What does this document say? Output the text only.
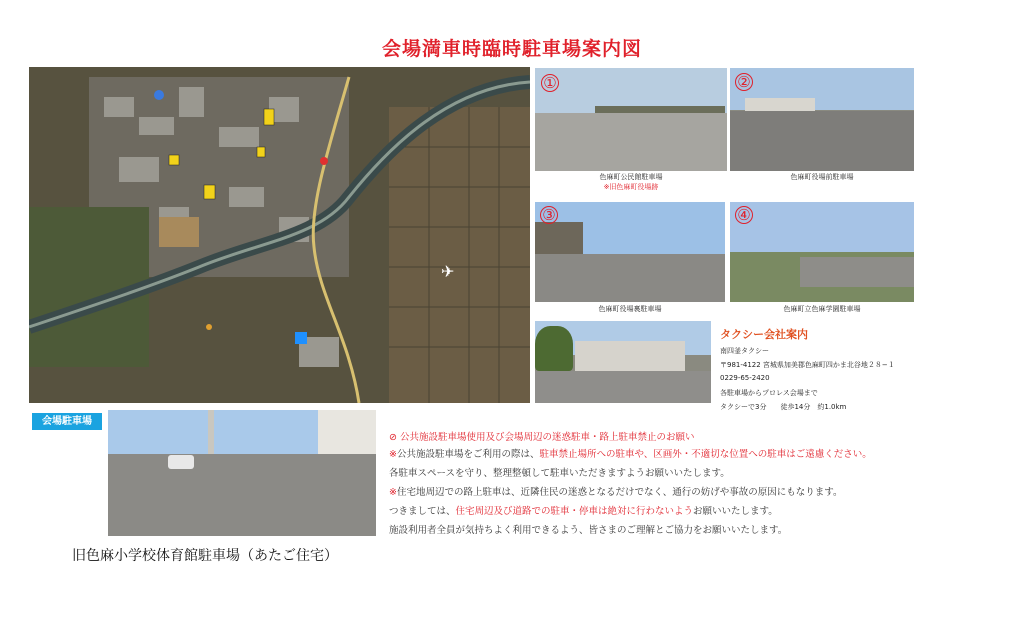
会場満車時臨時駐車場案内図
✈
①
色麻町公民館駐車場
※旧色麻町役場跡
②
色麻町役場前駐車場
③
色麻町役場裏駐車場
④
色麻町立色麻学園駐車場
タクシー会社案内
南四釜タクシー
〒981-4122 宮城県加美郡色麻町四かま北谷地２８−１
0229-65-2420
各駐車場からプロレス会場まで
タクシーで3分　　徒歩14分　約1.0km
会場駐車場
⊘ 公共施設駐車場使用及び会場周辺の迷惑駐車・路上駐車禁止のお願い
※公共施設駐車場をご利用の際は、駐車禁止場所への駐車や、区画外・不適切な位置への駐車はご遠慮ください。
各駐車スペースを守り、整理整頓して駐車いただきますようお願いいたします。
※住宅地周辺での路上駐車は、近隣住民の迷惑となるだけでなく、通行の妨げや事故の原因にもなります。
つきましては、住宅周辺及び道路での駐車・停車は絶対に行わないようお願いいたします。
施設利用者全員が気持ちよく利用できるよう、皆さまのご理解とご協力をお願いいたします。
旧色麻小学校体育館駐車場（あたご住宅）
